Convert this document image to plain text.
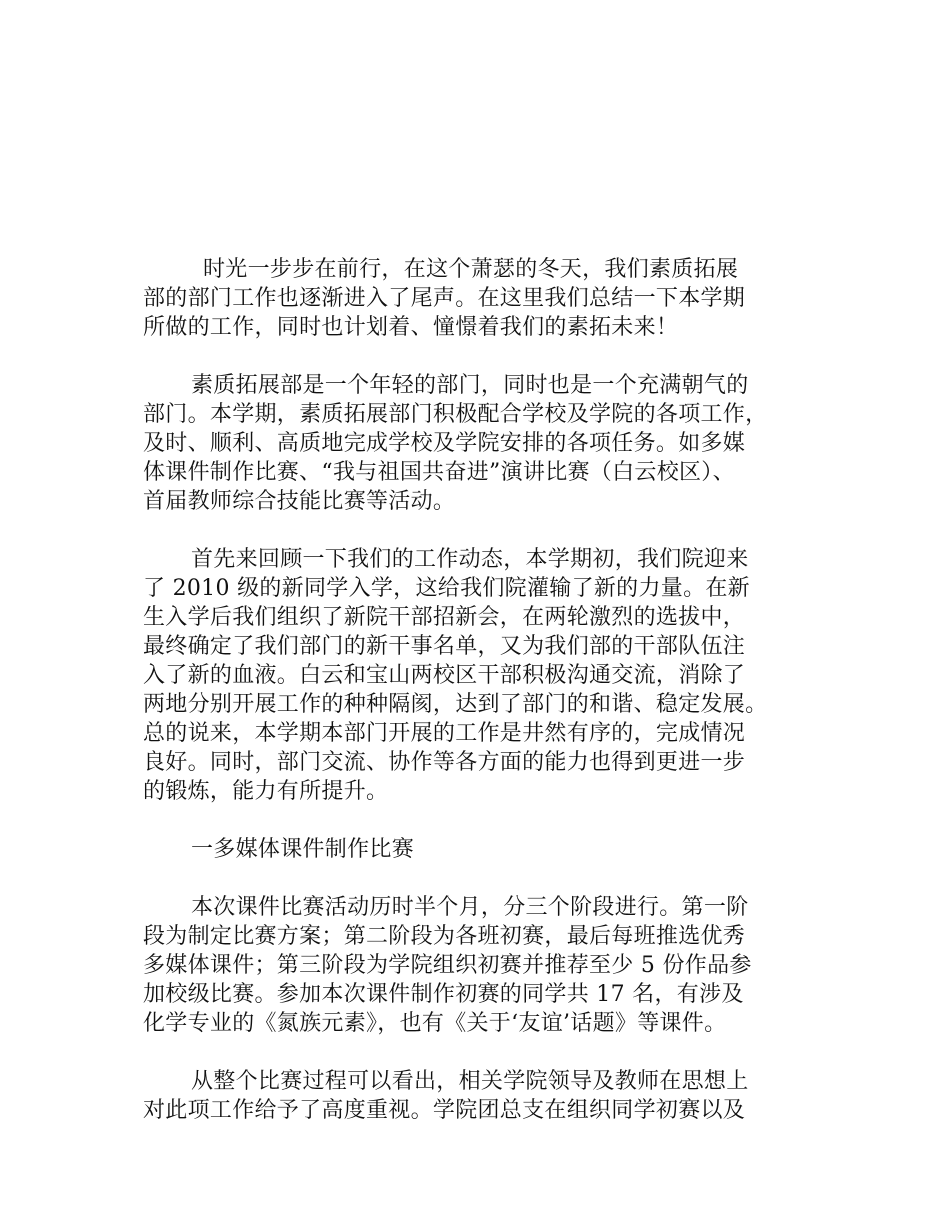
时光一步步在前行，在这个萧瑟的冬天，我们素质拓展
部的部门工作也逐渐进入了尾声。在这里我们总结一下本学期
所做的工作，同时也计划着、憧憬着我们的素拓未来！
素质拓展部是一个年轻的部门，同时也是一个充满朝气的
部门。本学期，素质拓展部门积极配合学校及学院的各项工作，
及时、顺利、高质地完成学校及学院安排的各项任务。如多媒
体课件制作比赛、“我与祖国共奋进”演讲比赛（白云校区）、
首届教师综合技能比赛等活动。
首先来回顾一下我们的工作动态，本学期初，我们院迎来
了 2010 级的新同学入学，这给我们院灌输了新的力量。在新
生入学后我们组织了新院干部招新会，在两轮激烈的选拔中，
最终确定了我们部门的新干事名单，又为我们部的干部队伍注
入了新的血液。白云和宝山两校区干部积极沟通交流，消除了
两地分别开展工作的种种隔阂，达到了部门的和谐、稳定发展。
总的说来，本学期本部门开展的工作是井然有序的，完成情况
良好。同时，部门交流、协作等各方面的能力也得到更进一步
的锻炼，能力有所提升。
一多媒体课件制作比赛
本次课件比赛活动历时半个月，分三个阶段进行。第一阶
段为制定比赛方案；第二阶段为各班初赛，最后每班推选优秀
多媒体课件；第三阶段为学院组织初赛并推荐至少 5 份作品参
加校级比赛。参加本次课件制作初赛的同学共 17 名，有涉及
化学专业的《氮族元素》，也有《关于‘友谊’话题》等课件。
从整个比赛过程可以看出，相关学院领导及教师在思想上
对此项工作给予了高度重视。学院团总支在组织同学初赛以及
